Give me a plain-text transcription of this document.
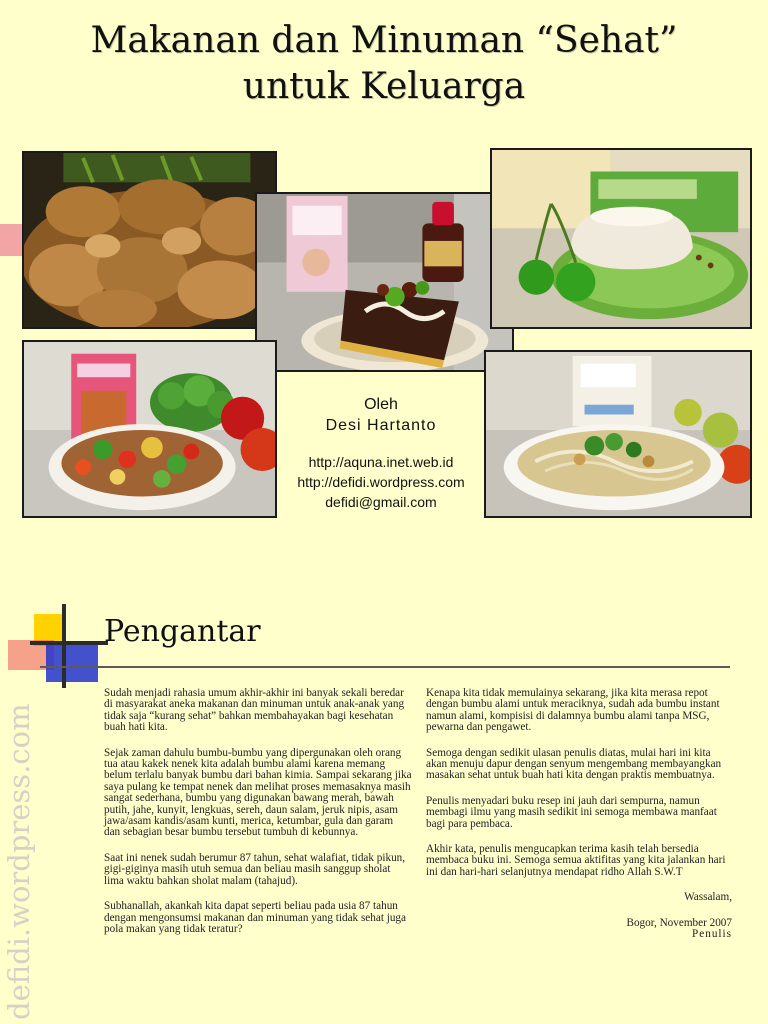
Makanan dan Minuman “Sehat”
untuk Keluarga
Oleh
Desi Hartanto
http://aquna.inet.web.id
http://defidi.wordpress.com
defidi@gmail.com
Pengantar

Sudah menjadi rahasia umum akhir-akhir ini banyak sekali beredar di masyarakat aneka makanan dan minuman untuk anak-anak yang tidak saja “kurang sehat” bahkan membahayakan bagi kesehatan buah hati kita.

Sejak zaman dahulu bumbu-bumbu yang dipergunakan oleh orang tua atau kakek nenek kita adalah bumbu alami karena memang belum terlalu banyak bumbu dari bahan kimia. Sampai sekarang jika saya pulang ke tempat nenek dan melihat proses memasaknya masih sangat sederhana, bumbu yang digunakan bawang merah, bawah putih, jahe, kunyit, lengkuas, sereh, daun salam, jeruk nipis, asam jawa/asam kandis/asam kunti, merica, ketumbar, gula dan garam dan sebagian besar bumbu tersebut tumbuh di kebunnya.

Saat ini nenek sudah berumur 87 tahun, sehat walafiat, tidak pikun, gigi-giginya masih utuh semua dan beliau masih sanggup sholat lima waktu bahkan sholat malam (tahajud).

Subhanallah, akankah kita dapat seperti beliau pada usia 87 tahun dengan mengonsumsi makanan dan minuman yang tidak sehat juga pola makan yang tidak teratur?

Kenapa kita tidak memulainya sekarang, jika kita merasa repot dengan bumbu alami untuk meraciknya, sudah ada bumbu instant namun alami, kompisisi di dalamnya bumbu alami tanpa MSG, pewarna dan pengawet.

Semoga dengan sedikit ulasan penulis diatas, mulai hari ini kita akan menuju dapur dengan senyum mengembang membayangkan masakan sehat untuk buah hati kita dengan praktis membuatnya.

Penulis menyadari buku resep ini jauh dari sempurna, namun membagi ilmu yang masih sedikit ini semoga membawa manfaat bagi para pembaca.

Akhir kata, penulis mengucapkan terima kasih telah bersedia membaca buku ini. Semoga semua aktifitas yang kita jalankan hari ini dan hari-hari selanjutnya mendapat ridho Allah S.W.T

Wassalam,
Bogor, November 2007
Penulis
defidi.wordpress.com
